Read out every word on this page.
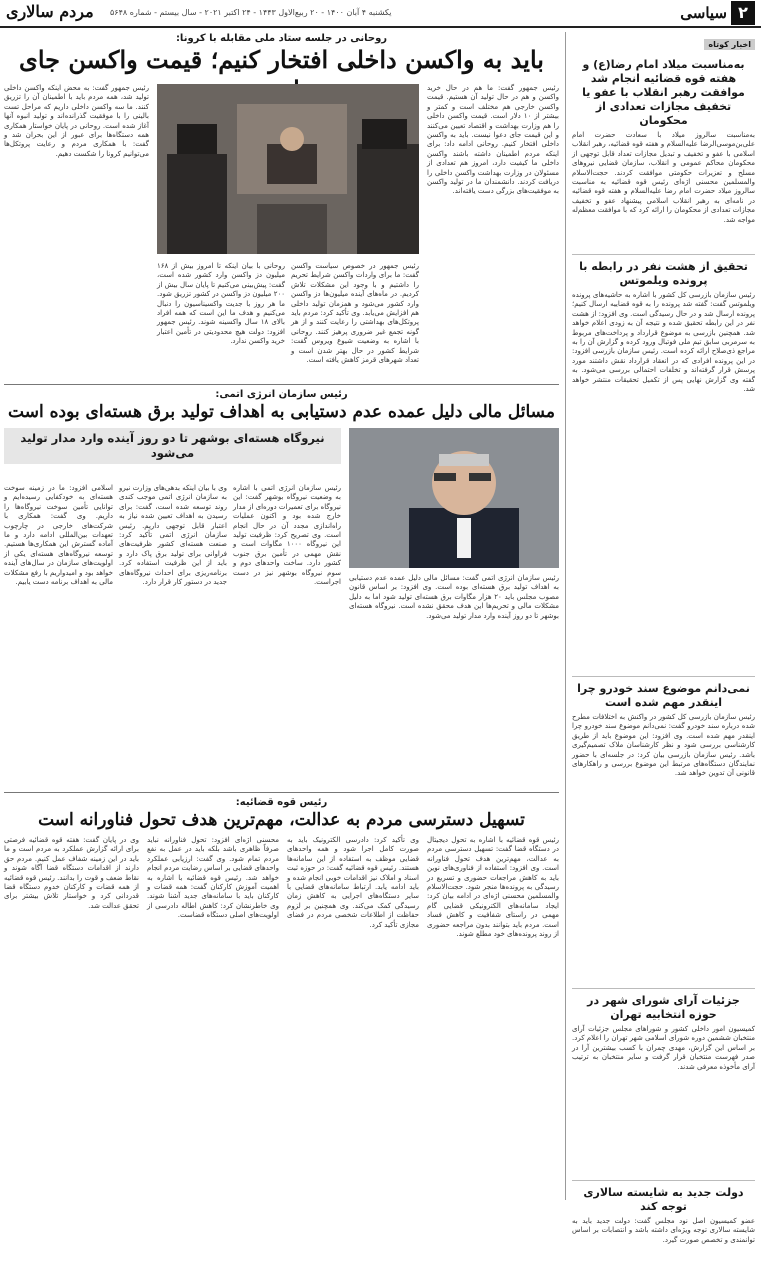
۲
سیاسی
یکشنبه ۴ آبان ۱۴۰۰ - ۲۰ ربیع‌الاول ۱۴۴۳ - ۲۴ اکتبر ۲۰۲۱ - سال بیستم - شماره ۵۶۴۸
مردم سالاری
اخبار کوتاه
به‌مناسبت میلاد امام رضا(ع) و هفته قوه قضائیه انجام شد موافقت رهبر انقلاب با عفو یا تخفیف مجازات تعدادی از محکومان
به‌مناسبت سالروز میلاد با سعادت حضرت امام علی‌بن‌موسی‌الرضا علیه‌السلام و هفته قوه قضائیه، رهبر انقلاب اسلامی با عفو و تخفیف و تبدیل مجازات تعداد قابل توجهی از محکومان محاکم عمومی و انقلاب، سازمان قضایی نیروهای مسلح و تعزیرات حکومتی موافقت کردند. حجت‌الاسلام والمسلمین محسنی اژه‌ای رئیس قوه قضائیه به مناسبت سالروز میلاد حضرت امام رضا علیه‌السلام و هفته قوه قضائیه در نامه‌ای به رهبر انقلاب اسلامی پیشنهاد عفو و تخفیف مجازات تعدادی از محکومان را ارائه کرد که با موافقت معظم‌له مواجه شد.
تحقیق از هشت نفر در رابطه با پرونده ویلموتس
رئیس سازمان بازرسی کل کشور با اشاره به حاشیه‌های پرونده ویلموتس گفت: گفته شد پرونده را به قوه قضاییه ارسال کنیم؛ پرونده ارسال شد و در حال رسیدگی است. وی افزود: از هشت نفر در این رابطه تحقیق شده و نتیجه آن به زودی اعلام خواهد شد. همچنین بازرسی به موضوع قرارداد و پرداخت‌های مربوط به سرمربی سابق تیم ملی فوتبال ورود کرده و گزارش آن را به مراجع ذی‌صلاح ارائه کرده است. رئیس سازمان بازرسی افزود: در این پرونده افرادی که در انعقاد قرارداد نقش داشتند مورد پرسش قرار گرفته‌اند و تخلفات احتمالی بررسی می‌شود. به گفته وی گزارش نهایی پس از تکمیل تحقیقات منتشر خواهد شد.
نمی‌دانم موضوع سند خودرو چرا اینقدر مهم شده است
رئیس سازمان بازرسی کل کشور در واکنش به اختلافات مطرح شده درباره سند خودرو گفت: نمی‌دانم موضوع سند خودرو چرا اینقدر مهم شده است. وی افزود: این موضوع باید از طریق کارشناسی بررسی شود و نظر کارشناسان ملاک تصمیم‌گیری باشد. رئیس سازمان بازرسی بیان کرد: در جلسه‌ای با حضور نمایندگان دستگاه‌های مرتبط این موضوع بررسی و راهکارهای قانونی آن تدوین خواهد شد.
جزئیات آرای شورای شهر در حوزه انتخابیه تهران
کمیسیون امور داخلی کشور و شوراهای مجلس جزئیات آرای منتخبان ششمین دوره شورای اسلامی شهر تهران را اعلام کرد. بر اساس این گزارش، مهدی چمران با کسب بیشترین آرا در صدر فهرست منتخبان قرار گرفت و سایر منتخبان به ترتیب آرای مأخوذه معرفی شدند.
دولت جدید به شایسته سالاری توجه کند
عضو کمیسیون اصل نود مجلس گفت: دولت جدید باید به شایسته سالاری توجه ویژه‌ای داشته باشد و انتصابات بر اساس توانمندی و تخصص صورت گیرد.
روحانی در جلسه ستاد ملی مقابله با کرونا:
باید به واکسن داخلی افتخار کنیم؛ قیمت واکسن جای
رئیس جمهور گفت: ما هم در حال خرید واکسن و هم در حال تولید آن هستیم. قیمت واکسن خارجی هم مختلف است و کمتر و بیشتر از ۱۰ دلار است. قیمت واکسن داخلی را هم وزارت بهداشت و اقتصاد تعیین می‌کنند و این قیمت جای دعوا نیست. باید به واکسن داخلی افتخار کنیم. روحانی ادامه داد: برای اینکه مردم اطمینان داشته باشند واکسن داخلی ما کیفیت دارد، امروز هم تعدادی از مسئولان در وزارت بهداشت واکسن داخلی را دریافت کردند. دانشمندان ما در تولید واکسن به موفقیت‌های بزرگی دست یافته‌اند.
رئیس جمهور در خصوص سیاست واکسن گفت: ما برای واردات واکسن شرایط تحریم را داشتیم و با وجود این مشکلات تلاش کردیم. در ماه‌های آینده میلیون‌ها دز واکسن وارد کشور می‌شود و همزمان تولید داخلی هم افزایش می‌یابد. وی تأکید کرد: مردم باید پروتکل‌های بهداشتی را رعایت کنند و از هر گونه تجمع غیر ضروری پرهیز کنند. روحانی با اشاره به وضعیت شیوع ویروس گفت: شرایط کشور در حال بهتر شدن است و تعداد شهرهای قرمز کاهش یافته است.
روحانی با بیان اینکه تا امروز بیش از ۱۶۸ میلیون دز واکسن وارد کشور شده است، گفت: پیش‌بینی می‌کنیم تا پایان سال بیش از ۲۰۰ میلیون دز واکسن در کشور تزریق شود. ما هر روز با جدیت واکسیناسیون را دنبال می‌کنیم و هدف ما این است که همه افراد بالای ۱۸ سال واکسینه شوند. رئیس جمهور افزود: دولت هیچ محدودیتی در تأمین اعتبار خرید واکسن ندارد.
رئیس جمهور گفت: به محض اینکه واکسن داخلی تولید شد، همه مردم باید با اطمینان آن را تزریق کنند. ما سه واکسن داخلی داریم که مراحل تست بالینی را با موفقیت گذرانده‌اند و تولید انبوه آنها آغاز شده است. روحانی در پایان خواستار همکاری همه دستگاه‌ها برای عبور از این بحران شد و گفت: با همکاری مردم و رعایت پروتکل‌ها می‌توانیم کرونا را شکست دهیم.
رئیس سازمان انرژی اتمی:
مسائل مالی دلیل عمده عدم دستیابی به اهداف تولید برق هسته‌ای بوده است
رئیس سازمان انرژی اتمی گفت: مسائل مالی دلیل عمده عدم دستیابی به اهداف تولید برق هسته‌ای بوده است. وی افزود: بر اساس قانون مصوب مجلس باید ۲۰ هزار مگاوات برق هسته‌ای تولید شود اما به دلیل مشکلات مالی و تحریم‌ها این هدف محقق نشده است. نیروگاه هسته‌ای بوشهر تا دو روز آینده وارد مدار تولید می‌شود.
نیروگاه هسته‌ای بوشهر تا دو روز آینده وارد مدار تولید می‌شود
رئیس سازمان انرژی اتمی با اشاره به وضعیت نیروگاه بوشهر گفت: این نیروگاه برای تعمیرات دوره‌ای از مدار خارج شده بود و اکنون عملیات راه‌اندازی مجدد آن در حال انجام است. وی تصریح کرد: ظرفیت تولید این نیروگاه ۱۰۰۰ مگاوات است و نقش مهمی در تأمین برق جنوب کشور دارد. ساخت واحدهای دوم و سوم نیروگاه بوشهر نیز در دست اجراست.
وی با بیان اینکه بدهی‌های وزارت نیرو به سازمان انرژی اتمی موجب کندی روند توسعه شده است، گفت: برای رسیدن به اهداف تعیین شده نیاز به اعتبار قابل توجهی داریم. رئیس سازمان انرژی اتمی تأکید کرد: صنعت هسته‌ای کشور ظرفیت‌های فراوانی برای تولید برق پاک دارد و باید از این ظرفیت استفاده کرد. برنامه‌ریزی برای احداث نیروگاه‌های جدید در دستور کار قرار دارد.
اسلامی افزود: ما در زمینه سوخت هسته‌ای به خودکفایی رسیده‌ایم و توانایی تأمین سوخت نیروگاه‌ها را داریم. وی گفت: همکاری با شرکت‌های خارجی در چارچوب تعهدات بین‌المللی ادامه دارد و ما آماده گسترش این همکاری‌ها هستیم. توسعه نیروگاه‌های هسته‌ای یکی از اولویت‌های سازمان در سال‌های آینده خواهد بود و امیدواریم با رفع مشکلات مالی به اهداف برنامه دست یابیم.
رئیس قوه قضائیه:
تسهیل دسترسی مردم به عدالت، مهم‌ترین هدف تحول فناورانه است
رئیس قوه قضائیه با اشاره به تحول دیجیتال در دستگاه قضا گفت: تسهیل دسترسی مردم به عدالت، مهم‌ترین هدف تحول فناورانه است. وی افزود: استفاده از فناوری‌های نوین باید به کاهش مراجعات حضوری و تسریع در رسیدگی به پرونده‌ها منجر شود. حجت‌الاسلام والمسلمین محسنی اژه‌ای در ادامه بیان کرد: ایجاد سامانه‌های الکترونیکی قضایی گام مهمی در راستای شفافیت و کاهش فساد است. مردم باید بتوانند بدون مراجعه حضوری از روند پرونده‌های خود مطلع شوند.
وی تأکید کرد: دادرسی الکترونیک باید به صورت کامل اجرا شود و همه واحدهای قضایی موظف به استفاده از این سامانه‌ها هستند. رئیس قوه قضائیه گفت: در حوزه ثبت اسناد و املاک نیز اقدامات خوبی انجام شده و باید ادامه یابد. ارتباط سامانه‌های قضایی با سایر دستگاه‌های اجرایی به کاهش زمان رسیدگی کمک می‌کند. وی همچنین بر لزوم حفاظت از اطلاعات شخصی مردم در فضای مجازی تأکید کرد.
محسنی اژه‌ای افزود: تحول فناورانه نباید صرفاً ظاهری باشد بلکه باید در عمل به نفع مردم تمام شود. وی گفت: ارزیابی عملکرد واحدهای قضایی بر اساس رضایت مردم انجام خواهد شد. رئیس قوه قضائیه با اشاره به اهمیت آموزش کارکنان گفت: همه قضات و کارکنان باید با سامانه‌های جدید آشنا شوند. وی خاطرنشان کرد: کاهش اطاله دادرسی از اولویت‌های اصلی دستگاه قضاست.
وی در پایان گفت: هفته قوه قضائیه فرصتی برای ارائه گزارش عملکرد به مردم است و ما باید در این زمینه شفاف عمل کنیم. مردم حق دارند از اقدامات دستگاه قضا آگاه شوند و نقاط ضعف و قوت را بدانند. رئیس قوه قضائیه از همه قضات و کارکنان خدوم دستگاه قضا قدردانی کرد و خواستار تلاش بیشتر برای تحقق عدالت شد.
